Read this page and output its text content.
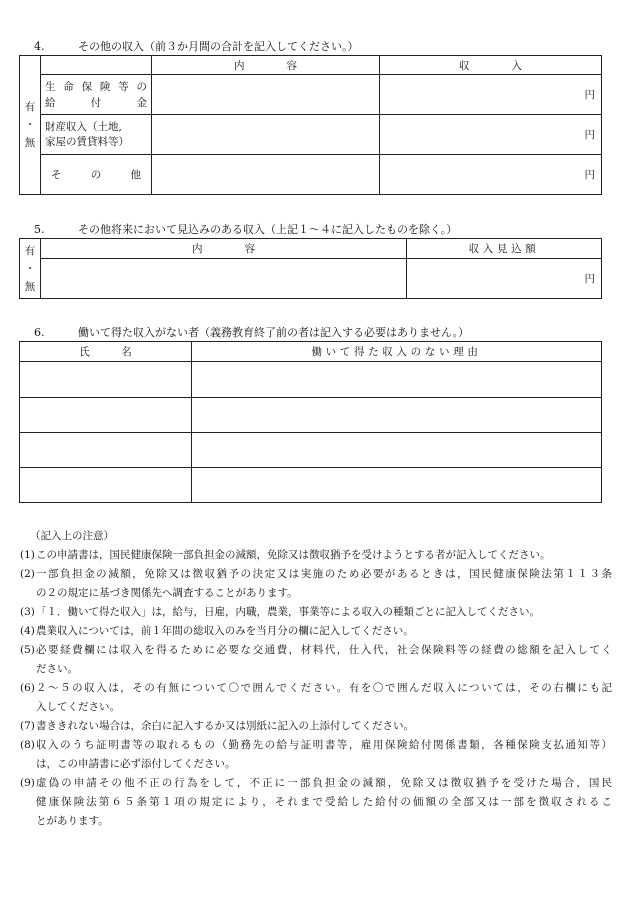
4.	その他の収入（前３か月間の合計を記入してください。）
有
・
無		内　　　　容	収　　　　入

	生命保険等の
給付金		円

	財産収入（土地,
家屋の賃貸料等）		円

	その他		円
5.	その他将来において見込みのある収入（上記１～４に記入したものを除く。）
有
・
無	内　　　　容	収入見込額
		円
6.	働いて得た収入がない者（義務教育終了前の者は記入する必要はありません。）
氏　　　名	働いて得た収入のない理由

（記入上の注意）
(1) この申請書は，国民健康保険一部負担金の減額，免除又は徴収猶予を受けようとする者が記入してください。
(2) 一部負担金の減額，免除又は徴収猶予の決定又は実施のため必要があるときは，国民健康保険法第１１３条
の２の規定に基づき関係先へ調査することがあります。
(3) 「１．働いて得た収入」は，給与，日雇，内職，農業，事業等による収入の種類ごとに記入してください。
(4) 農業収入については，前１年間の総収入のみを当月分の欄に記入してください。
(5) 必要経費欄には収入を得るために必要な交通費，材料代，仕入代，社会保険料等の経費の総額を記入してく
ださい。
(6) ２～５の収入は，その有無について〇で囲んでください。有を〇で囲んだ収入については，その右欄にも記
入してください。
(7) 書ききれない場合は，余白に記入するか又は別紙に記入の上添付してください。
(8) 収入のうち証明書等の取れるもの（勤務先の給与証明書等，雇用保険給付関係書類，各種保険支払通知等）
は，この申請書に必ず添付してください。
(9) 虚偽の申請その他不正の行為をして，不正に一部負担金の減額，免除又は徴収猶予を受けた場合，国民
健康保険法第６５条第１項の規定により，それまで受給した給付の価額の全部又は一部を徴収されるこ
とがあります。
